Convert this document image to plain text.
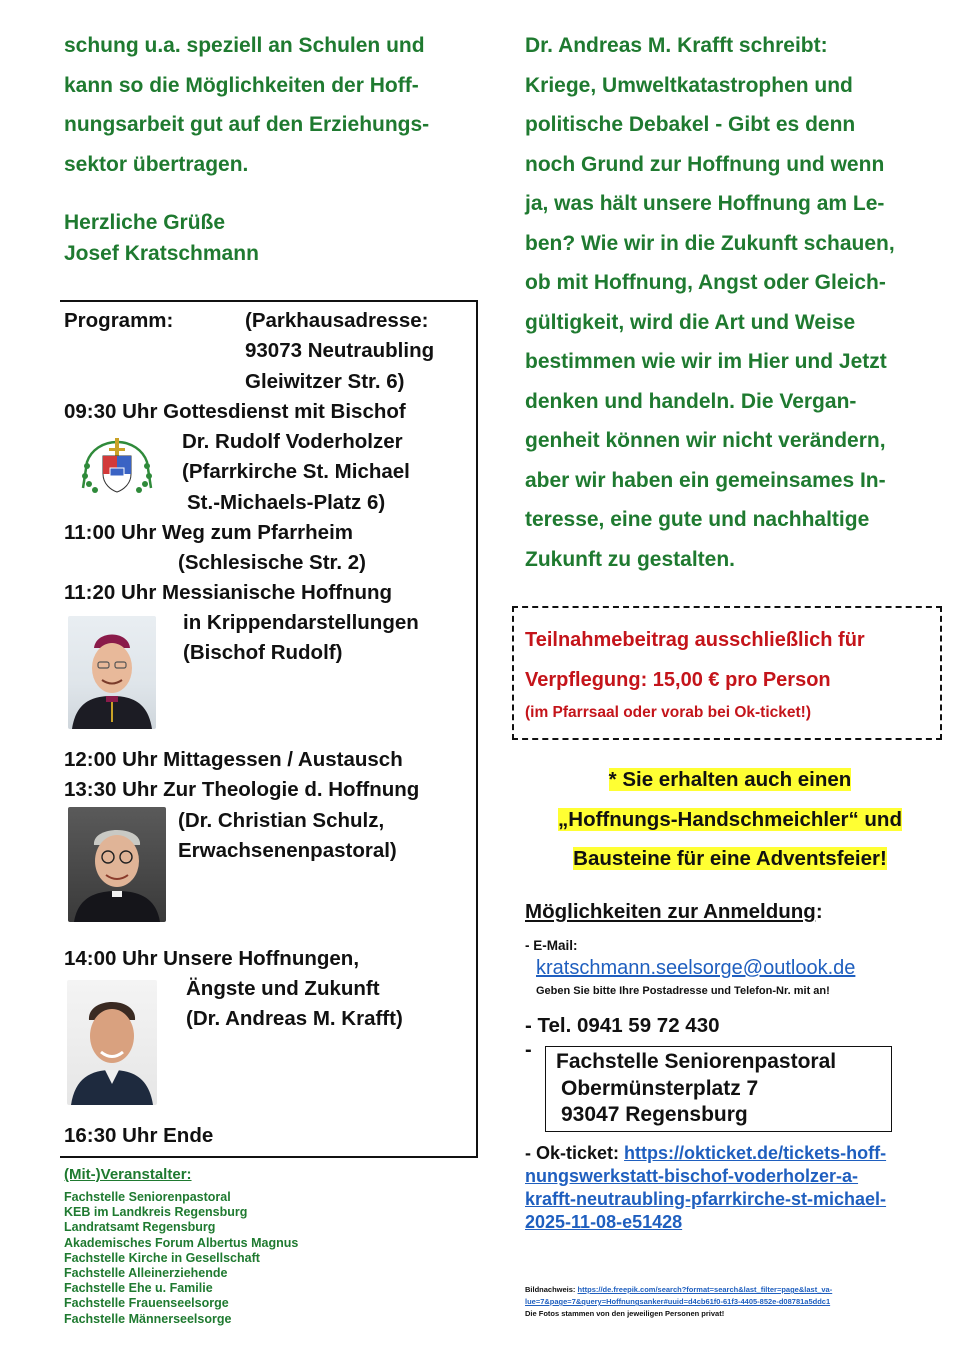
schung u.a. speziell an Schulen und
kann so die Möglichkeiten der Hoff-
nungsarbeit gut auf den Erziehungs-
sektor übertragen.
Herzliche Grüße
Josef Kratschmann
Programm:	(Parkhausadresse:
93073 Neutraubling
Gleiwitzer Str. 6)
09:30 Uhr Gottesdienst mit Bischof
Dr. Rudolf Voderholzer
(Pfarrkirche St. Michael
St.-Michaels-Platz 6)
11:00 Uhr Weg zum Pfarrheim
(Schlesische Str. 2)
11:20 Uhr Messianische Hoffnung
in Krippendarstellungen
(Bischof Rudolf)
12:00 Uhr Mittagessen / Austausch
13:30 Uhr Zur Theologie d. Hoffnung
(Dr. Christian Schulz,
Erwachsenenpastoral)
14:00 Uhr Unsere Hoffnungen,
Ängste und Zukunft
(Dr. Andreas M. Krafft)
16:30 Uhr Ende
(Mit-)Veranstalter:
Fachstelle Seniorenpastoral
KEB im Landkreis Regensburg
Landratsamt Regensburg
Akademisches Forum Albertus Magnus
Fachstelle Kirche in Gesellschaft
Fachstelle Alleinerziehende
Fachstelle Ehe u. Familie
Fachstelle Frauenseelsorge
Fachstelle Männerseelsorge
Dr. Andreas M. Krafft schreibt:
Kriege, Umweltkatastrophen und
politische Debakel - Gibt es denn
noch Grund zur Hoffnung und wenn
ja, was hält unsere Hoffnung am Le-
ben? Wie wir in die Zukunft schauen,
ob mit Hoffnung, Angst oder Gleich-
gültigkeit, wird die Art und Weise
bestimmen wie wir im Hier und Jetzt
denken und handeln. Die Vergan-
genheit können wir nicht verändern,
aber wir haben ein gemeinsames In-
teresse, eine gute und nachhaltige
Zukunft zu gestalten.
Teilnahmebeitrag ausschließlich für
Verpflegung: 15,00 € pro Person
(im Pfarrsaal oder vorab bei Ok-ticket!)
* Sie erhalten auch einen
„Hoffnungs-Handschmeichler“ und
Bausteine für eine Adventsfeier!
Möglichkeiten zur Anmeldung:
- E-Mail:
kratschmann.seelsorge@outlook.de
Geben Sie bitte Ihre Postadresse und Telefon-Nr. mit an!
- Tel. 0941 59 72 430
- Fachstelle Seniorenpastoral
Obermünsterplatz 7
93047 Regensburg
- Ok-ticket: https://okticket.de/tickets-hoff-
nungswerkstatt-bischof-voderholzer-a-
krafft-neutraubling-pfarrkirche-st-michael-
2025-11-08-e51428
Bildnachweis: https://de.freepik.com/search?format=search&last_filter=page&last_va-
lue=7&page=7&query=Hoffnungsanker#uuid=d4cb61f0-61f3-4405-852e-d08781a5ddc1
Die Fotos stammen von den jeweiligen Personen privat!
